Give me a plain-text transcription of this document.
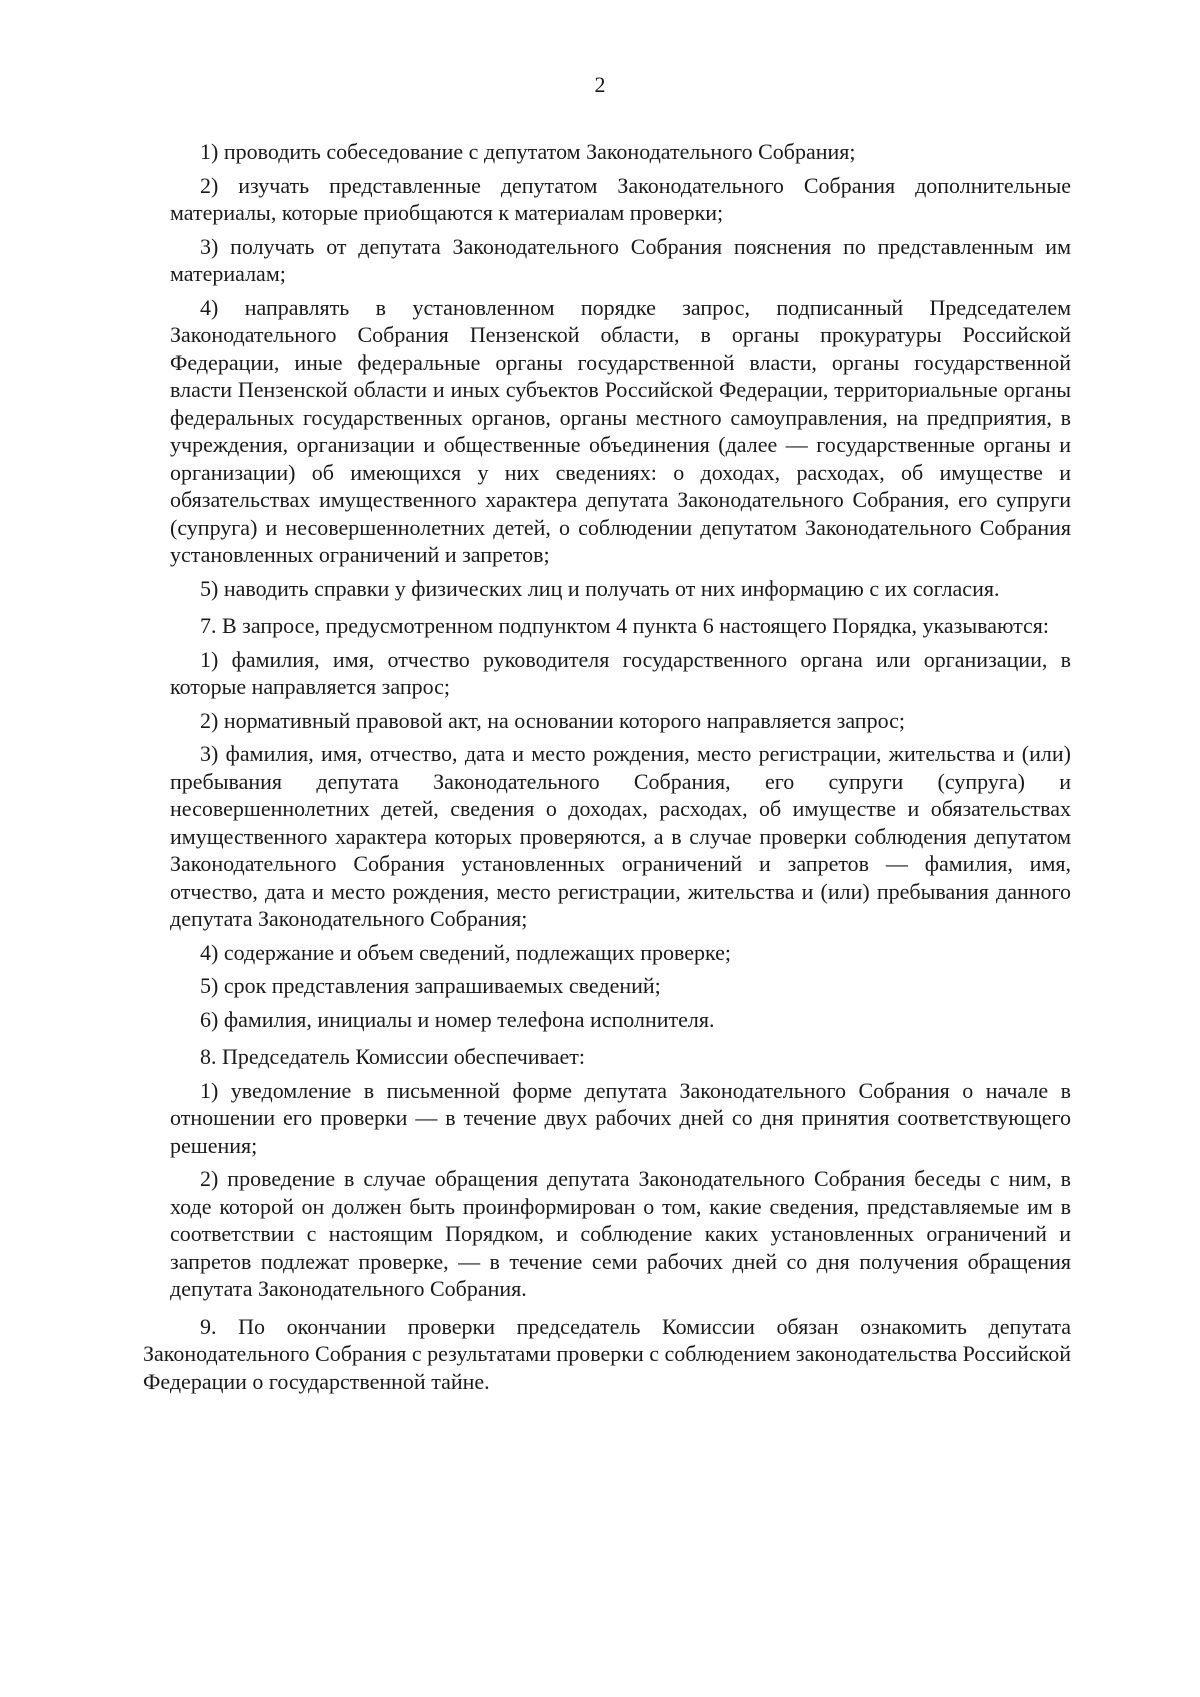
2

1) проводить собеседование с депутатом Законодательного Собрания;

2) изучать представленные депутатом Законодательного Собрания дополнительные материалы, которые приобщаются к материалам проверки;

3) получать от депутата Законодательного Собрания пояснения по представленным им материалам;

4) направлять в установленном порядке запрос, подписанный Председателем Законодательного Собрания Пензенской области, в органы прокуратуры Российской Федерации, иные федеральные органы государственной власти, органы государственной власти Пензенской области и иных субъектов Российской Федерации, территориальные органы федеральных государственных органов, органы местного самоуправления, на предприятия, в учреждения, организации и общественные объединения (далее — государственные органы и организации) об имеющихся у них сведениях: о доходах, расходах, об имуществе и обязательствах имущественного характера депутата Законодательного Собрания, его супруги (супруга) и несовершеннолетних детей, о соблюдении депутатом Законодательного Собрания установленных ограничений и запретов;

5) наводить справки у физических лиц и получать от них информацию с их согласия.

7. В запросе, предусмотренном подпунктом 4 пункта 6 настоящего Порядка, указываются:

1) фамилия, имя, отчество руководителя государственного органа или организации, в которые направляется запрос;

2) нормативный правовой акт, на основании которого направляется запрос;

3) фамилия, имя, отчество, дата и место рождения, место регистрации, жительства и (или) пребывания депутата Законодательного Собрания, его супруги (супруга) и несовершеннолетних детей, сведения о доходах, расходах, об имуществе и обязательствах имущественного характера которых проверяются, а в случае проверки соблюдения депутатом Законодательного Собрания установленных ограничений и запретов — фамилия, имя, отчество, дата и место рождения, место регистрации, жительства и (или) пребывания данного депутата Законодательного Собрания;

4) содержание и объем сведений, подлежащих проверке;

5) срок представления запрашиваемых сведений;

6) фамилия, инициалы и номер телефона исполнителя.

8. Председатель Комиссии обеспечивает:

1) уведомление в письменной форме депутата Законодательного Собрания о начале в отношении его проверки — в течение двух рабочих дней со дня принятия соответствующего решения;

2) проведение в случае обращения депутата Законодательного Собрания беседы с ним, в ходе которой он должен быть проинформирован о том, какие сведения, представляемые им в соответствии с настоящим Порядком, и соблюдение каких установленных ограничений и запретов подлежат проверке, — в течение семи рабочих дней со дня получения обращения депутата Законодательного Собрания.

9. По окончании проверки председатель Комиссии обязан ознакомить депутата Законодательного Собрания с результатами проверки с соблюдением законодательства Российской Федерации о государственной тайне.
